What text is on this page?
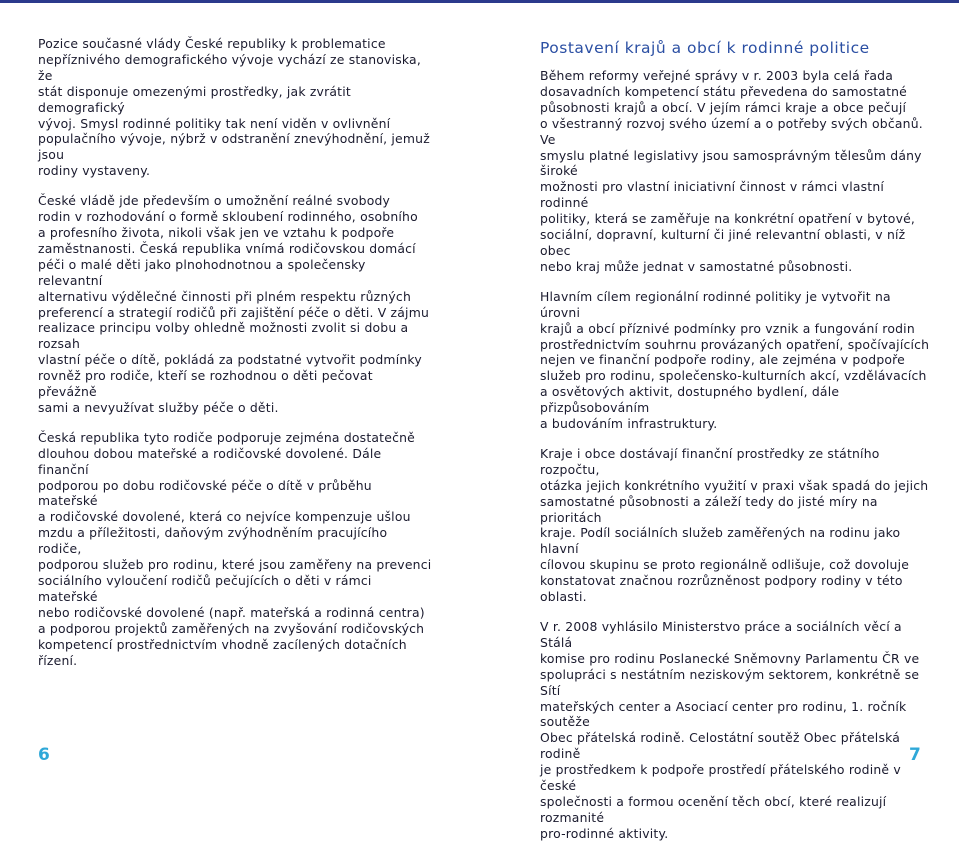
Pozice současné vlády České republiky k problematice
nepříznivého demografického vývoje vychází ze stanoviska, že
stát disponuje omezenými prostředky, jak zvrátit demografický
vývoj. Smysl rodinné politiky tak není viděn v ovlivnění
populačního vývoje, nýbrž v odstranění znevýhodnění, jemuž jsou
rodiny vystaveny.

České vládě jde především o umožnění reálné svobody
rodin v rozhodování o formě skloubení rodinného, osobního
a profesního života, nikoli však jen ve vztahu k podpoře
zaměstnanosti. Česká republika vnímá rodičovskou domácí
péči o malé děti jako plnohodnotnou a společensky relevantní
alternativu výdělečné činnosti při plném respektu různých
preferencí a strategií rodičů při zajištění péče o děti. V zájmu
realizace principu volby ohledně možnosti zvolit si dobu a rozsah
vlastní péče o dítě, pokládá za podstatné vytvořit podmínky
rovněž pro rodiče, kteří se rozhodnou o děti pečovat převážně
sami a nevyužívat služby péče o děti.

Česká republika tyto rodiče podporuje zejména dostatečně
dlouhou dobou mateřské a rodičovské dovolené. Dále finanční
podporou po dobu rodičovské péče o dítě v průběhu mateřské
a rodičovské dovolené, která co nejvíce kompenzuje ušlou
mzdu a příležitosti, daňovým zvýhodněním pracujícího rodiče,
podporou služeb pro rodinu, které jsou zaměřeny na prevenci
sociálního vyloučení rodičů pečujících o děti v rámci mateřské
nebo rodičovské dovolené (např. mateřská a rodinná centra)
a podporou projektů zaměřených na zvyšování rodičovských
kompetencí prostřednictvím vhodně zacílených dotačních řízení.

Postavení krajů a obcí k rodinné politice

Během reformy veřejné správy v r. 2003 byla celá řada
dosavadních kompetencí státu převedena do samostatné
působnosti krajů a obcí. V jejím rámci kraje a obce pečují
o všestranný rozvoj svého území a o potřeby svých občanů. Ve
smyslu platné legislativy jsou samosprávným tělesům dány široké
možnosti pro vlastní iniciativní činnost v rámci vlastní rodinné
politiky, která se zaměřuje na konkrétní opatření v bytové,
sociální, dopravní, kulturní či jiné relevantní oblasti, v níž obec
nebo kraj může jednat v samostatné působnosti.

Hlavním cílem regionální rodinné politiky je vytvořit na úrovni
krajů a obcí příznivé podmínky pro vznik a fungování rodin
prostřednictvím souhrnu provázaných opatření, spočívajících
nejen ve finanční podpoře rodiny, ale zejména v podpoře
služeb pro rodinu, společensko-kulturních akcí, vzdělávacích
a osvětových aktivit, dostupného bydlení, dále přizpůsobováním
a budováním infrastruktury.

Kraje i obce dostávají finanční prostředky ze státního rozpočtu,
otázka jejich konkrétního využití v praxi však spadá do jejich
samostatné působnosti a záleží tedy do jisté míry na prioritách
kraje. Podíl sociálních služeb zaměřených na rodinu jako hlavní
cílovou skupinu se proto regionálně odlišuje, což dovoluje
konstatovat značnou rozrůzněnost podpory rodiny v této oblasti.

V r. 2008 vyhlásilo Ministerstvo práce a sociálních věcí a Stálá
komise pro rodinu Poslanecké Sněmovny Parlamentu ČR ve
spolupráci s nestátním neziskovým sektorem, konkrétně se Sítí
mateřských center a Asociací center pro rodinu, 1. ročník soutěže
Obec přátelská rodině. Celostátní soutěž Obec přátelská rodině
je prostředkem k podpoře prostředí přátelského rodině v české
společnosti a formou ocenění těch obcí, které realizují rozmanité
pro-rodinné aktivity.

6	7
